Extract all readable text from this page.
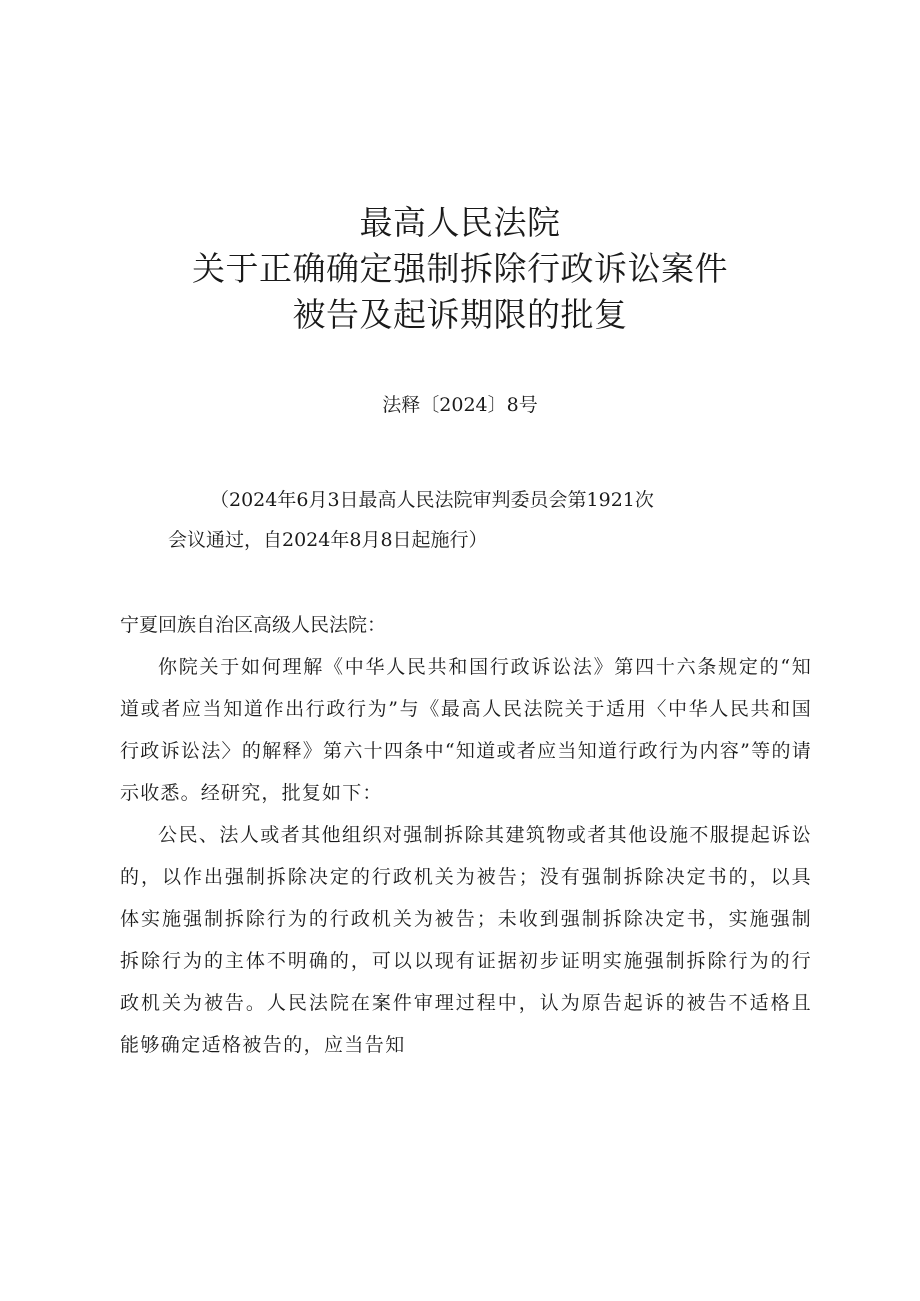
最高人民法院
关于正确确定强制拆除行政诉讼案件
被告及起诉期限的批复
法释〔2024〕8号
（2024年6月3日最高人民法院审判委员会第1921次
会议通过，自2024年8月8日起施行）

宁夏回族自治区高级人民法院：

你院关于如何理解《中华人民共和国行政诉讼法》第四十六条规定的“知道或者应当知道作出行政行为”与《最高人民法院关于适用〈中华人民共和国行政诉讼法〉的解释》第六十四条中“知道或者应当知道行政行为内容”等的请示收悉。经研究，批复如下：

公民、法人或者其他组织对强制拆除其建筑物或者其他设施不服提起诉讼的，以作出强制拆除决定的行政机关为被告；没有强制拆除决定书的，以具体实施强制拆除行为的行政机关为被告；未收到强制拆除决定书，实施强制拆除行为的主体不明确的，可以以现有证据初步证明实施强制拆除行为的行政机关为被告。人民法院在案件审理过程中，认为原告起诉的被告不适格且能够确定适格被告的，应当告知
